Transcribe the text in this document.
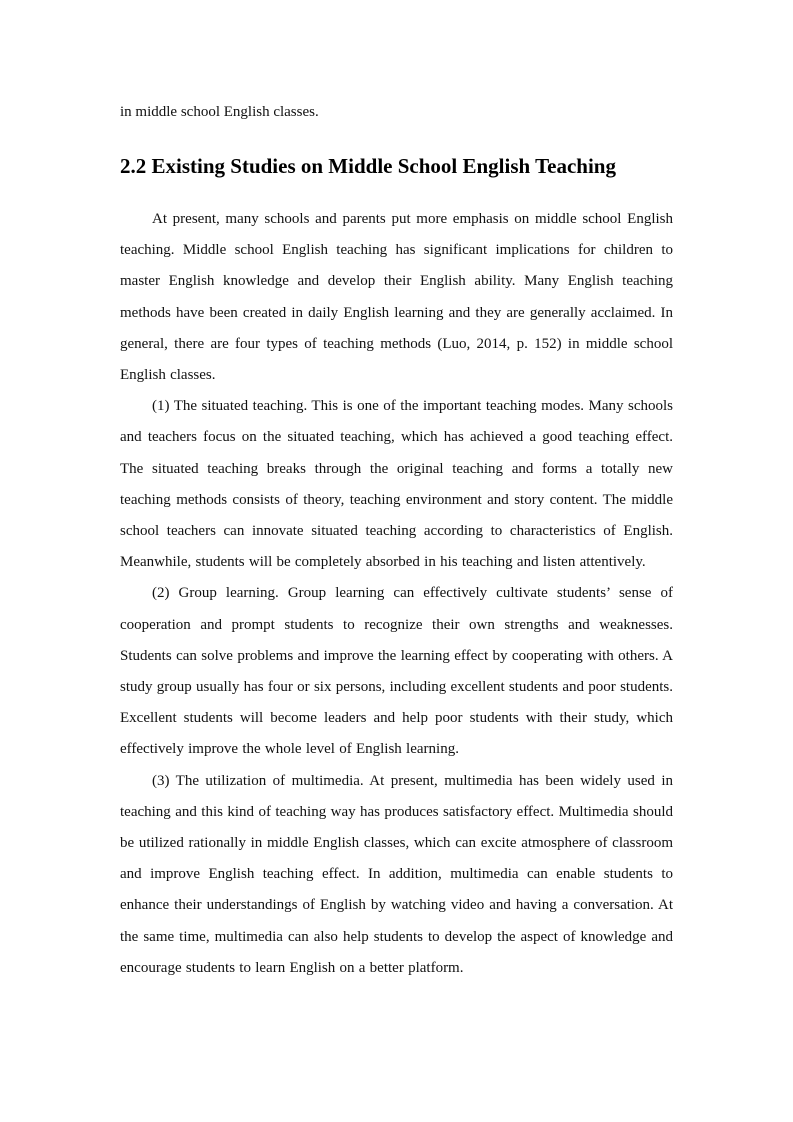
in middle school English classes.

2.2 Existing Studies on Middle School English Teaching

At present, many schools and parents put more emphasis on middle school English teaching. Middle school English teaching has significant implications for children to master English knowledge and develop their English ability. Many English teaching methods have been created in daily English learning and they are generally acclaimed. In general, there are four types of teaching methods (Luo, 2014, p. 152) in middle school English classes.

(1) The situated teaching. This is one of the important teaching modes. Many schools and teachers focus on the situated teaching, which has achieved a good teaching effect. The situated teaching breaks through the original teaching and forms a totally new teaching methods consists of theory, teaching environment and story content. The middle school teachers can innovate situated teaching according to characteristics of English. Meanwhile, students will be completely absorbed in his teaching and listen attentively.

(2) Group learning. Group learning can effectively cultivate students’ sense of cooperation and prompt students to recognize their own strengths and weaknesses. Students can solve problems and improve the learning effect by cooperating with others. A study group usually has four or six persons, including excellent students and poor students. Excellent students will become leaders and help poor students with their study, which effectively improve the whole level of English learning.

(3) The utilization of multimedia. At present, multimedia has been widely used in teaching and this kind of teaching way has produces satisfactory effect. Multimedia should be utilized rationally in middle English classes, which can excite atmosphere of classroom and improve English teaching effect. In addition, multimedia can enable students to enhance their understandings of English by watching video and having a conversation. At the same time, multimedia can also help students to develop the aspect of knowledge and encourage students to learn English on a better platform.
